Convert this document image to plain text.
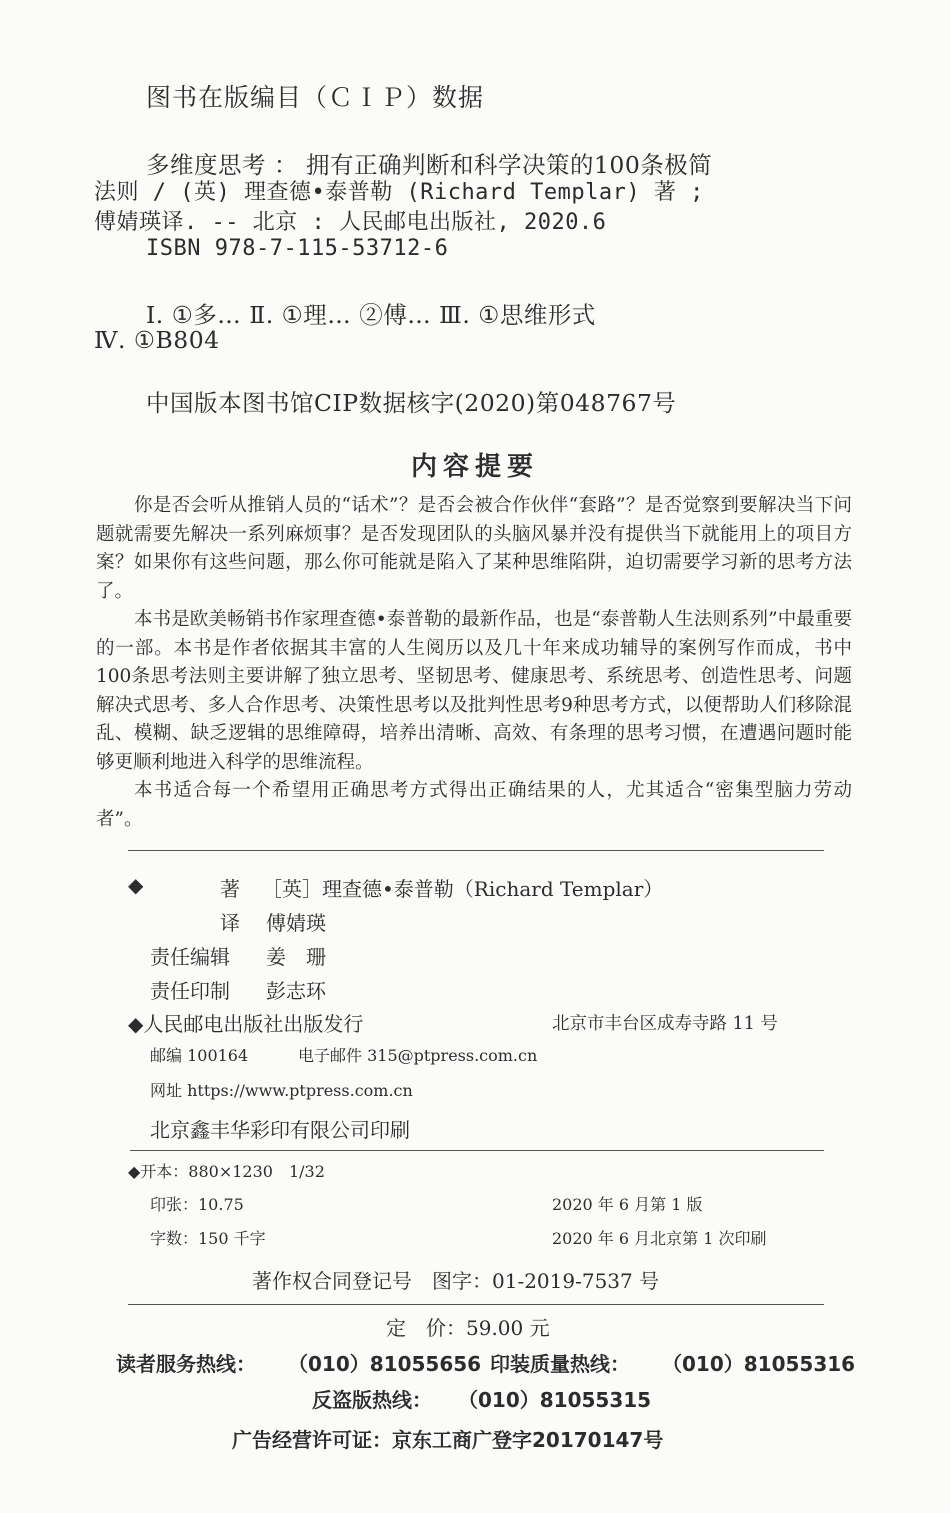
图书在版编目（ＣＩＰ）数据
多维度思考 ： 拥有正确判断和科学决策的100条极简
法则 / (英) 理查德•泰普勒 (Richard Templar) 著 ;
傅婧瑛译. -- 北京 : 人民邮电出版社, 2020.6
ISBN 978-7-115-53712-6
Ⅰ. ①多… Ⅱ. ①理… ②傅… Ⅲ. ①思维形式
Ⅳ. ①B804
中国版本图书馆CIP数据核字(2020)第048767号
内容提要
你是否会听从推销人员的“话术”？是否会被合作伙伴“套路”？是否觉察到要解决当下问题就需要先解决一系列麻烦事？是否发现团队的头脑风暴并没有提供当下就能用上的项目方案？如果你有这些问题，那么你可能就是陷入了某种思维陷阱，迫切需要学习新的思考方法了。
本书是欧美畅销书作家理查德•泰普勒的最新作品，也是“泰普勒人生法则系列”中最重要的一部。本书是作者依据其丰富的人生阅历以及几十年来成功辅导的案例写作而成，书中100条思考法则主要讲解了独立思考、坚韧思考、健康思考、系统思考、创造性思考、问题解决式思考、多人合作思考、决策性思考以及批判性思考9种思考方式，以便帮助人们移除混乱、模糊、缺乏逻辑的思维障碍，培养出清晰、高效、有条理的思考习惯，在遭遇问题时能够更顺利地进入科学的思维流程。
本书适合每一个希望用正确思考方式得出正确结果的人，尤其适合“密集型脑力劳动者”。
◆	著 ［英］理查德•泰普勒（Richard Templar）
译 傅婧瑛
责任编辑 姜　珊
责任印制 彭志环
◆人民邮电出版社出版发行	北京市丰台区成寿寺路 11 号
邮编 100164	电子邮件 315@ptpress.com.cn
网址 https://www.ptpress.com.cn
北京鑫丰华彩印有限公司印刷
◆开本：880×1230　1/32
印张：10.75	2020 年 6 月第 1 版
字数：150 千字	2020 年 6 月北京第 1 次印刷
著作权合同登记号　图字：01-2019-7537 号
定　价：59.00 元
读者服务热线： （010）81055656 印装质量热线： （010）81055316
反盗版热线： （010）81055315
广告经营许可证：京东工商广登字20170147号
